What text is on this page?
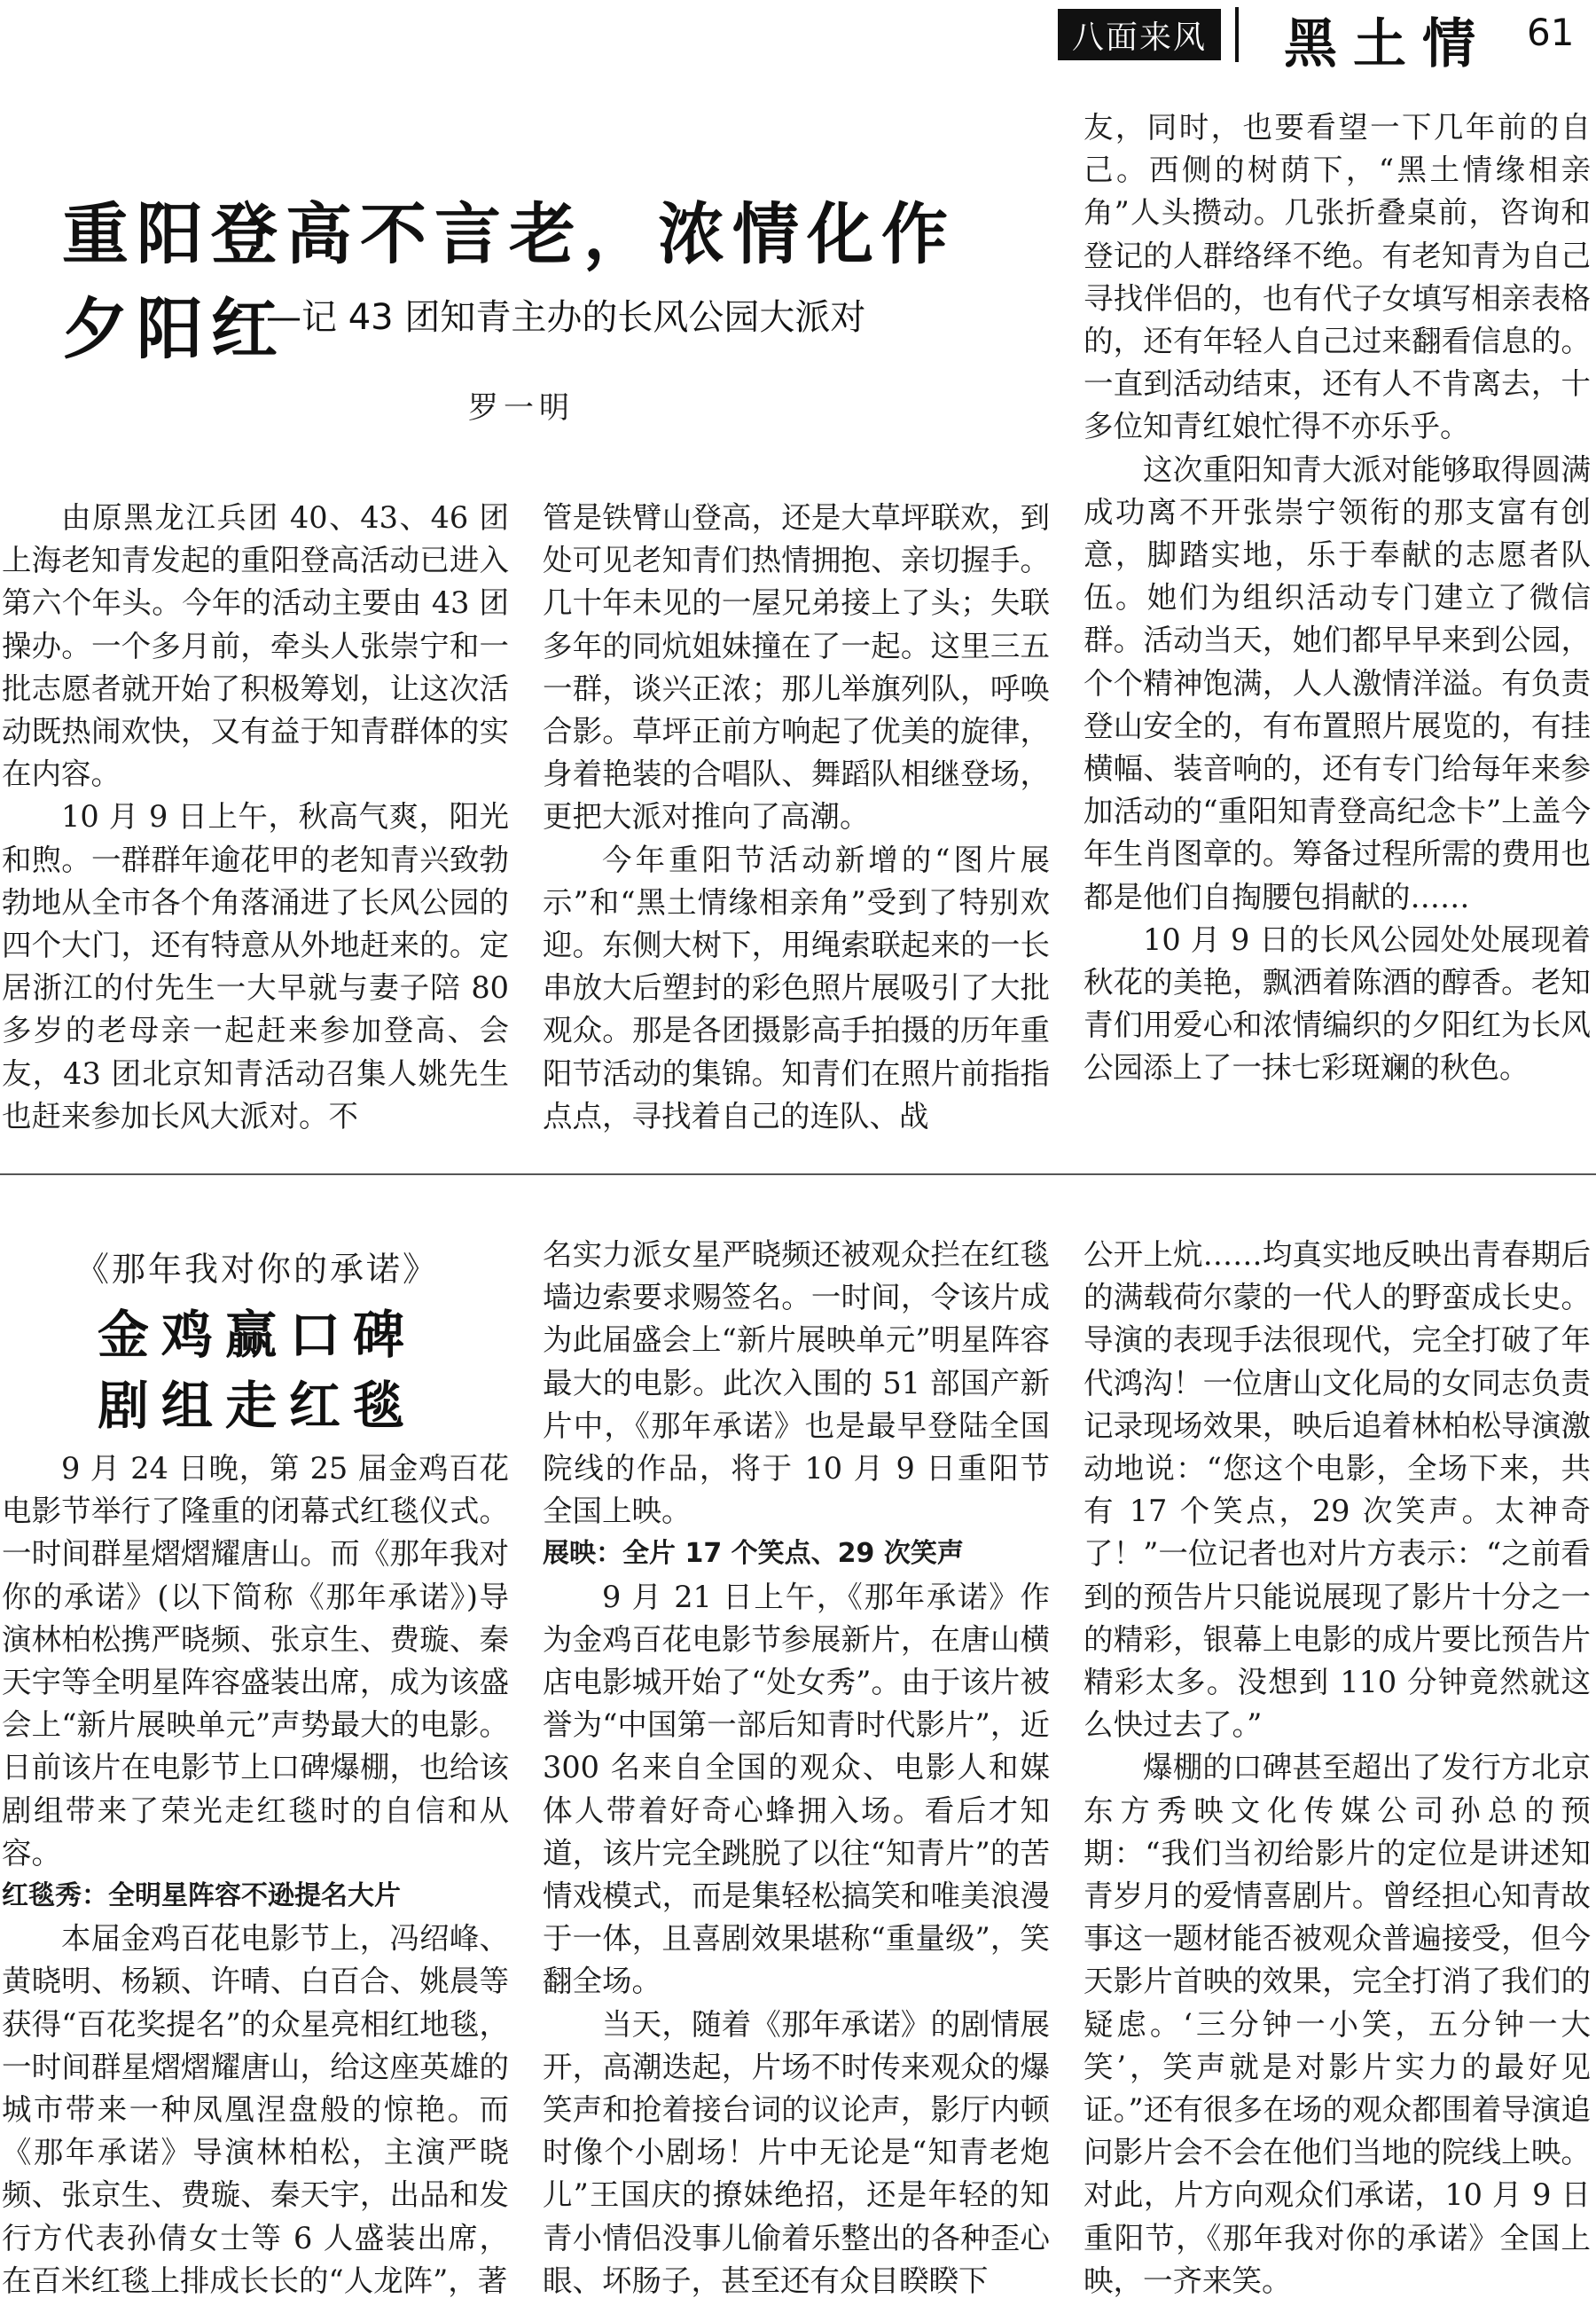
八面来风 黑土情 61
重阳登高不言老，浓情化作夕阳红
——记 43 团知青主办的长风公园大派对
罗一明

由原黑龙江兵团 40、43、46 团上海老知青发起的重阳登高活动已进入第六个年头。今年的活动主要由 43 团操办。一个多月前，牵头人张崇宁和一批志愿者就开始了积极筹划，让这次活动既热闹欢快，又有益于知青群体的实在内容。

10 月 9 日上午，秋高气爽，阳光和煦。一群群年逾花甲的老知青兴致勃勃地从全市各个角落涌进了长风公园的四个大门，还有特意从外地赶来的。定居浙江的付先生一大早就与妻子陪 80 多岁的老母亲一起赶来参加登高、会友，43 团北京知青活动召集人姚先生也赶来参加长风大派对。不

管是铁臂山登高，还是大草坪联欢，到处可见老知青们热情拥抱、亲切握手。几十年未见的一屋兄弟接上了头；失联多年的同炕姐妹撞在了一起。这里三五一群，谈兴正浓；那儿举旗列队，呼唤合影。草坪正前方响起了优美的旋律，身着艳装的合唱队、舞蹈队相继登场，更把大派对推向了高潮。

今年重阳节活动新增的“图片展示”和“黑土情缘相亲角”受到了特别欢迎。东侧大树下，用绳索联起来的一长串放大后塑封的彩色照片展吸引了大批观众。那是各团摄影高手拍摄的历年重阳节活动的集锦。知青们在照片前指指点点，寻找着自己的连队、战

友，同时，也要看望一下几年前的自己。西侧的树荫下，“黑土情缘相亲角”人头攒动。几张折叠桌前，咨询和登记的人群络绎不绝。有老知青为自己寻找伴侣的，也有代子女填写相亲表格的，还有年轻人自己过来翻看信息的。一直到活动结束，还有人不肯离去，十多位知青红娘忙得不亦乐乎。

这次重阳知青大派对能够取得圆满成功离不开张崇宁领衔的那支富有创意，脚踏实地，乐于奉献的志愿者队伍。她们为组织活动专门建立了微信群。活动当天，她们都早早来到公园，个个精神饱满，人人激情洋溢。有负责登山安全的，有布置照片展览的，有挂横幅、装音响的，还有专门给每年来参加活动的“重阳知青登高纪念卡”上盖今年生肖图章的。筹备过程所需的费用也都是他们自掏腰包捐献的……

10 月 9 日的长风公园处处展现着秋花的美艳，飘洒着陈酒的醇香。老知青们用爱心和浓情编织的夕阳红为长风公园添上了一抹七彩斑斓的秋色。

《那年我对你的承诺》
金鸡赢口碑
剧组走红毯

9 月 24 日晚，第 25 届金鸡百花电影节举行了隆重的闭幕式红毯仪式。一时间群星熠熠耀唐山。而《那年我对你的承诺》(以下简称《那年承诺》)导演林柏松携严晓频、张京生、费璇、秦天宇等全明星阵容盛装出席，成为该盛会上“新片展映单元”声势最大的电影。日前该片在电影节上口碑爆棚，也给该剧组带来了荣光走红毯时的自信和从容。

红毯秀：全明星阵容不逊提名大片

本届金鸡百花电影节上，冯绍峰、黄晓明、杨颖、许晴、白百合、姚晨等获得“百花奖提名”的众星亮相红地毯，一时间群星熠熠耀唐山，给这座英雄的城市带来一种凤凰涅盘般的惊艳。而《那年承诺》导演林柏松，主演严晓频、张京生、费璇、秦天宇，出品和发行方代表孙倩女士等 6 人盛装出席，在百米红毯上排成长长的“人龙阵”，著

名实力派女星严晓频还被观众拦在红毯墙边索要求赐签名。一时间，令该片成为此届盛会上“新片展映单元”明星阵容最大的电影。此次入围的 51 部国产新片中，《那年承诺》也是最早登陆全国院线的作品，将于 10 月 9 日重阳节全国上映。

展映：全片 17 个笑点、29 次笑声

9 月 21 日上午，《那年承诺》作为金鸡百花电影节参展新片，在唐山横店电影城开始了“处女秀”。由于该片被誉为“中国第一部后知青时代影片”，近 300 名来自全国的观众、电影人和媒体人带着好奇心蜂拥入场。看后才知道，该片完全跳脱了以往“知青片”的苦情戏模式，而是集轻松搞笑和唯美浪漫于一体，且喜剧效果堪称“重量级”，笑翻全场。

当天，随着《那年承诺》的剧情展开，高潮迭起，片场不时传来观众的爆笑声和抢着接台词的议论声，影厅内顿时像个小剧场！片中无论是“知青老炮儿”王国庆的撩妹绝招，还是年轻的知青小情侣没事儿偷着乐整出的各种歪心眼、坏肠子，甚至还有众目睽睽下

公开上炕……均真实地反映出青春期后的满载荷尔蒙的一代人的野蛮成长史。导演的表现手法很现代，完全打破了年代鸿沟！一位唐山文化局的女同志负责记录现场效果，映后追着林柏松导演激动地说：“您这个电影，全场下来，共有 17 个笑点，29 次笑声。太神奇了！”一位记者也对片方表示：“之前看到的预告片只能说展现了影片十分之一的精彩，银幕上电影的成片要比预告片精彩太多。没想到 110 分钟竟然就这么快过去了。”

爆棚的口碑甚至超出了发行方北京东方秀映文化传媒公司孙总的预期：“我们当初给影片的定位是讲述知青岁月的爱情喜剧片。曾经担心知青故事这一题材能否被观众普遍接受，但今天影片首映的效果，完全打消了我们的疑虑。‘三分钟一小笑，五分钟一大笑’，笑声就是对影片实力的最好见证。”还有很多在场的观众都围着导演追问影片会不会在他们当地的院线上映。对此，片方向观众们承诺，10 月 9 日重阳节，《那年我对你的承诺》全国上映，一齐来笑。
